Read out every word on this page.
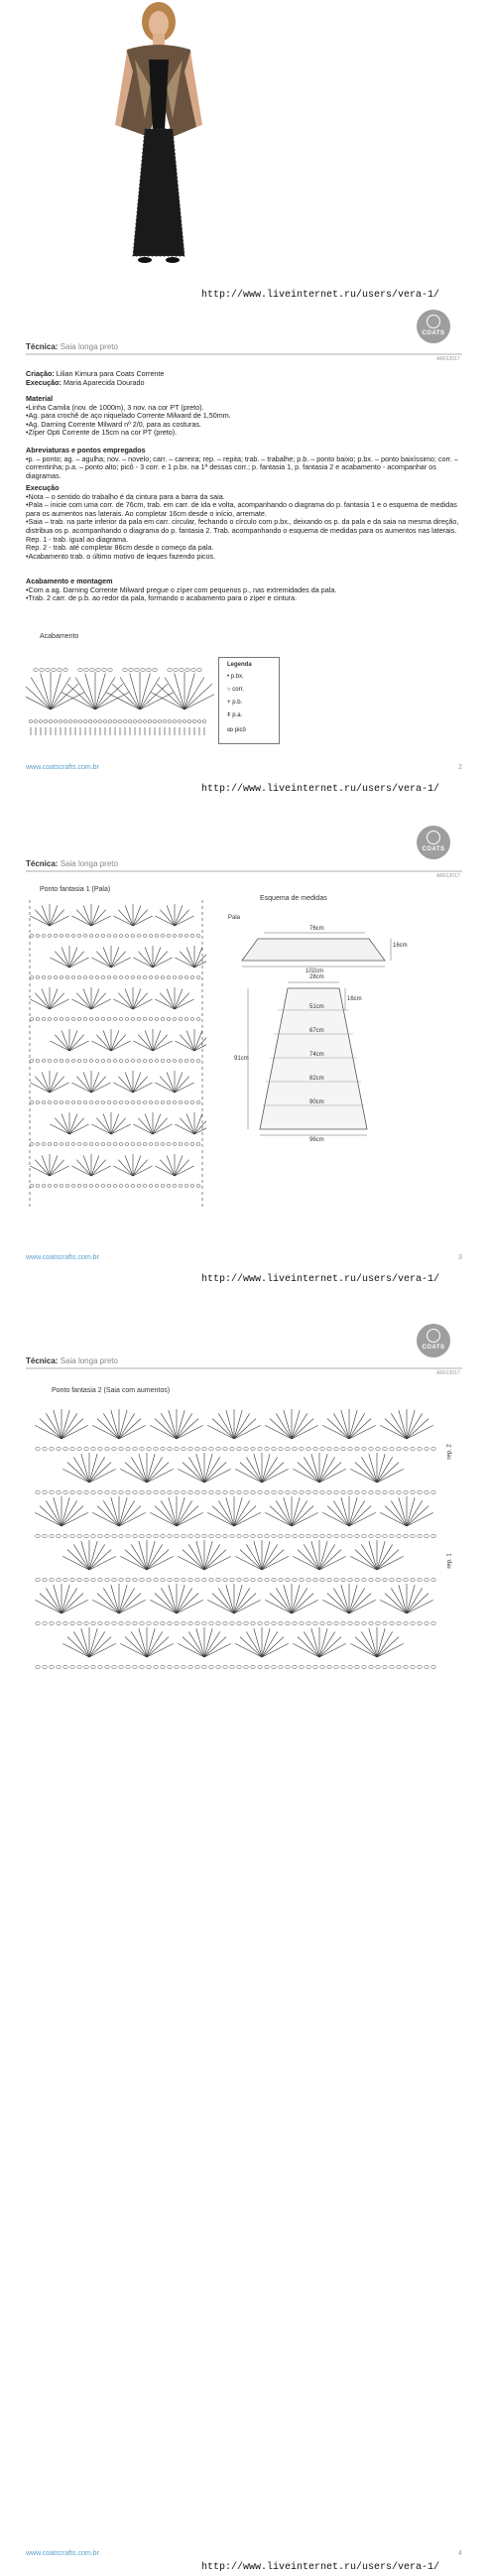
http://www.liveinternet.ru/users/vera-1/
COATS
Técnica: Saia longa preto
AR012017
Criação: Lilian Kimura para Coats Corrente
Execução: Maria Aparecida Dourado
Material
•Linha Camila (nov. de 1000m), 3 nov. na cor PT (preto).
•Ag. para crochê de aço niquelado Corrente Milward de 1,50mm.
•Ag. Darning Corrente Milward nº 2/0, para as costuras.
•Zíper Opti Corrente de 15cm na cor PT (preto).
Abreviaturas e pontos empregados
•p. – ponto; ag. – agulha; nov. – novelo; carr. – carreira; rep. – repita; trab. – trabalhe; p.b. – ponto baixo; p.bx. – ponto baixíssimo; corr. – correntinha; p.a. – ponto alto; picô - 3 corr. e 1 p.bx. na 1ª dessas corr.; p. fantasia 1, p. fantasia 2 e acabamento - acompanhar os diagramas.
Execução
•Nota – o sentido do trabalho é da cintura para a barra da saia.
•Pala – inicie com uma corr. de 76cm, trab. em carr. de ida e volta, acompanhando o diagrama do p. fantasia 1 e o esquema de medidas para os aumentos nas laterais. Ao completar 16cm desde o início, arremate.
•Saia – trab. na parte inferior da pala em carr. circular, fechando o círculo com p.bx., deixando os p. da pala e da saia na mesma direção, distribua os p. acompanhando o diagrama do p. fantasia 2. Trab. acompanhando o esquema de medidas para os aumentos nas laterais.
Rep. 1 - trab. igual ao diagrama.
Rep. 2 - trab. até completar 86cm desde o começo da pala.
•Acabamento trab. o último motivo de leques fazendo picos.
Acabamento e montagem
•Com a ag. Darning Corrente Milward pregue o zíper com pequenos p., nas extremidades da pala.
•Trab. 2 carr. de p.b. ao redor da pala, formando o acabamento para o zíper e cintura.
Acabamento
Legenda
• p.bx.
○ corr.
+ p.b.
ǂ p.a.
ꝏ picô
www.coatscrafts.com.br	2
http://www.liveinternet.ru/users/vera-1/
COATS
Técnica: Saia longa preto
AR012017
Ponto fantasia 1 (Pala)
Esquema de medidas
Pala
76cm
16cm
102cm
28cm
16cm
51cm
67cm
74cm
82cm
90cm
91cm
96cm
www.coatscrafts.com.br	3
http://www.liveinternet.ru/users/vera-1/
COATS
Técnica: Saia longa preto
AR012017
Ponto fantasia 2 (Saia com aumentos)
rep. 2
rep. 1
www.coatscrafts.com.br	4
http://www.liveinternet.ru/users/vera-1/
